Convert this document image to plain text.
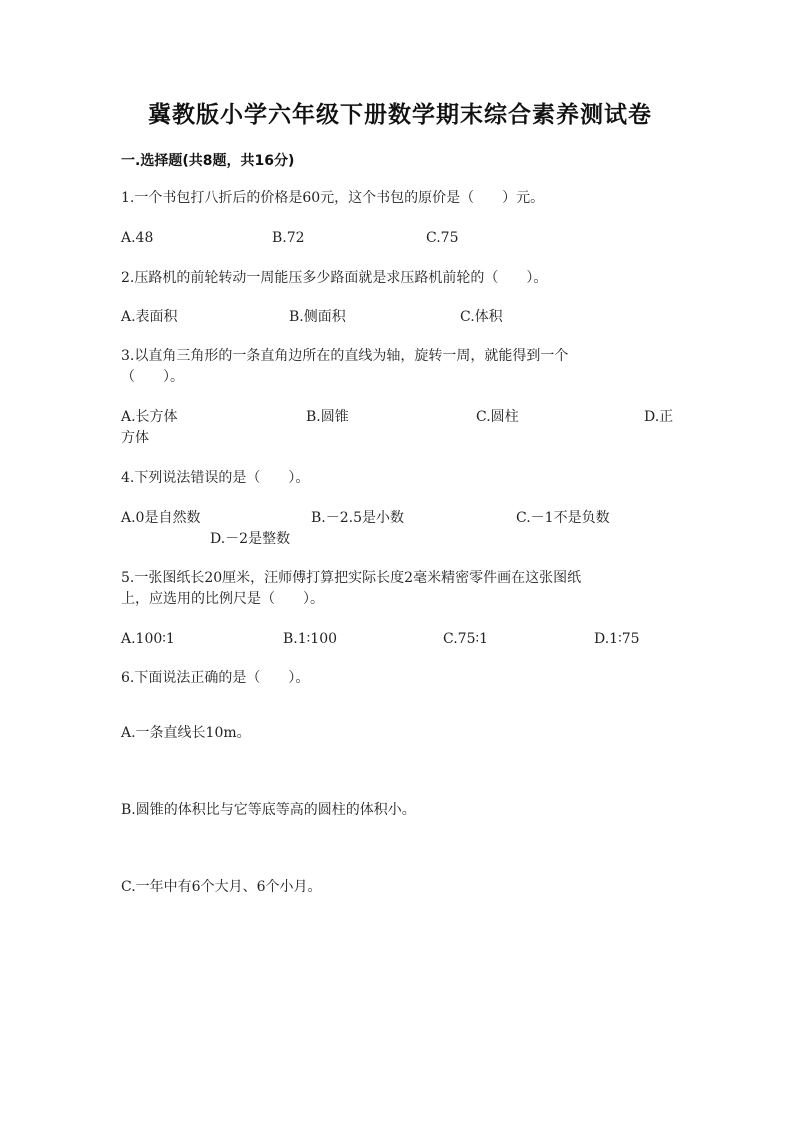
冀教版小学六年级下册数学期末综合素养测试卷
一.选择题(共8题，共16分)
1.一个书包打八折后的价格是60元，这个书包的原价是（　　）元。
A.48	B.72	C.75
2.压路机的前轮转动一周能压多少路面就是求压路机前轮的（　　）。
A.表面积	B.侧面积	C.体积
3.以直角三角形的一条直角边所在的直线为轴，旋转一周，就能得到一个
（　　）。
A.长方体	B.圆锥	C.圆柱	D.正
方体
4.下列说法错误的是（　　）。
A.0是自然数	B.－2.5是小数	C.－1不是负数
D.－2是整数
5.一张图纸长20厘米，汪师傅打算把实际长度2毫米精密零件画在这张图纸
上，应选用的比例尺是（　　）。
A.100∶1	B.1∶100	C.75∶1	D.1∶75
6.下面说法正确的是（　　）。
A.一条直线长10m。
B.圆锥的体积比与它等底等高的圆柱的体积小。
C.一年中有6个大月、6个小月。
